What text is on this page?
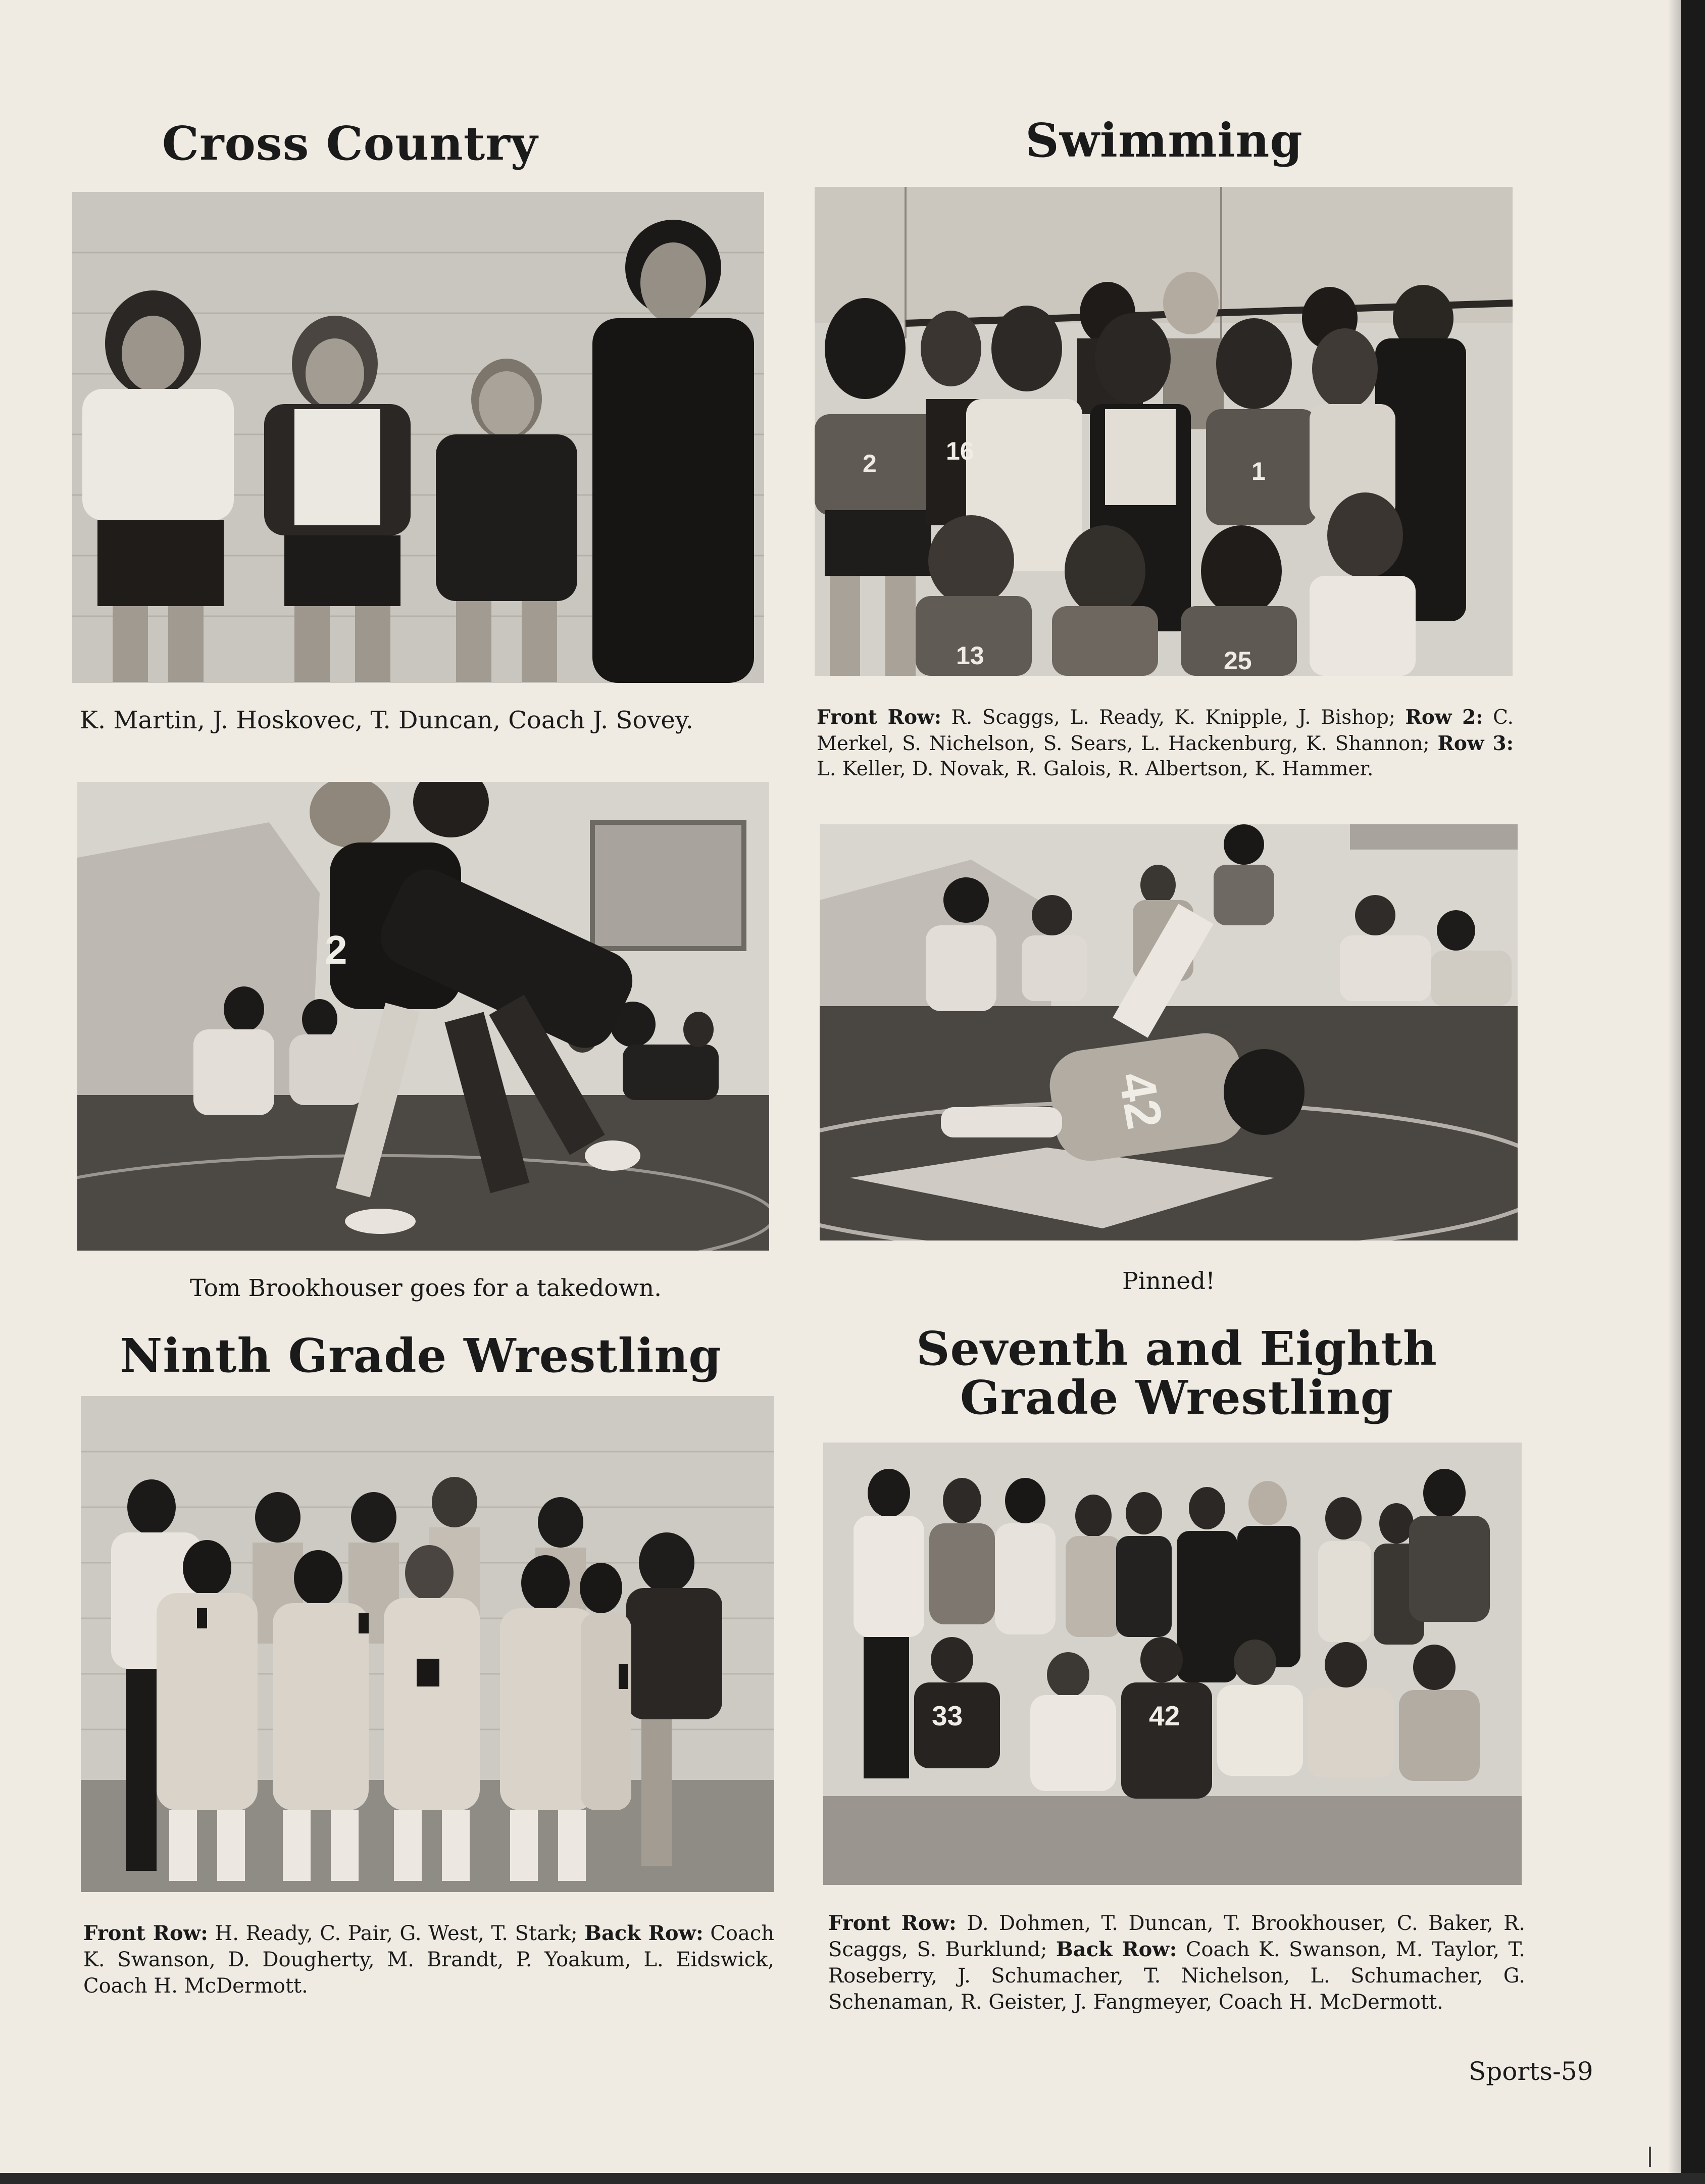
Cross Country
K. Martin, J. Hoskovec, T. Duncan, Coach J. Sovey.
Swimming
2	16
1
13	25
Front Row: R. Scaggs, L. Ready, K. Knipple, J. Bishop; Row 2: C. Merkel, S. Nichelson, S. Sears, L. Hackenburg, K. Shannon; Row 3: L. Keller, D. Novak, R. Galois, R. Albertson, K. Hammer.
2
Tom Brookhouser goes for a takedown.
42
Pinned!
Ninth Grade Wrestling
Front Row: H. Ready, C. Pair, G. West, T. Stark; Back Row: Coach K. Swanson, D. Dougherty, M. Brandt, P. Yoakum, L. Eidswick, Coach H. McDermott.
Seventh and Eighth
Grade Wrestling
33	42
Front Row: D. Dohmen, T. Duncan, T. Brookhouser, C. Baker, R. Scaggs, S. Burklund; Back Row: Coach K. Swanson, M. Taylor, T. Roseberry, J. Schumacher, T. Nichelson, L. Schumacher, G. Schenaman, R. Geister, J. Fangmeyer, Coach H. McDermott.
Sports-59
